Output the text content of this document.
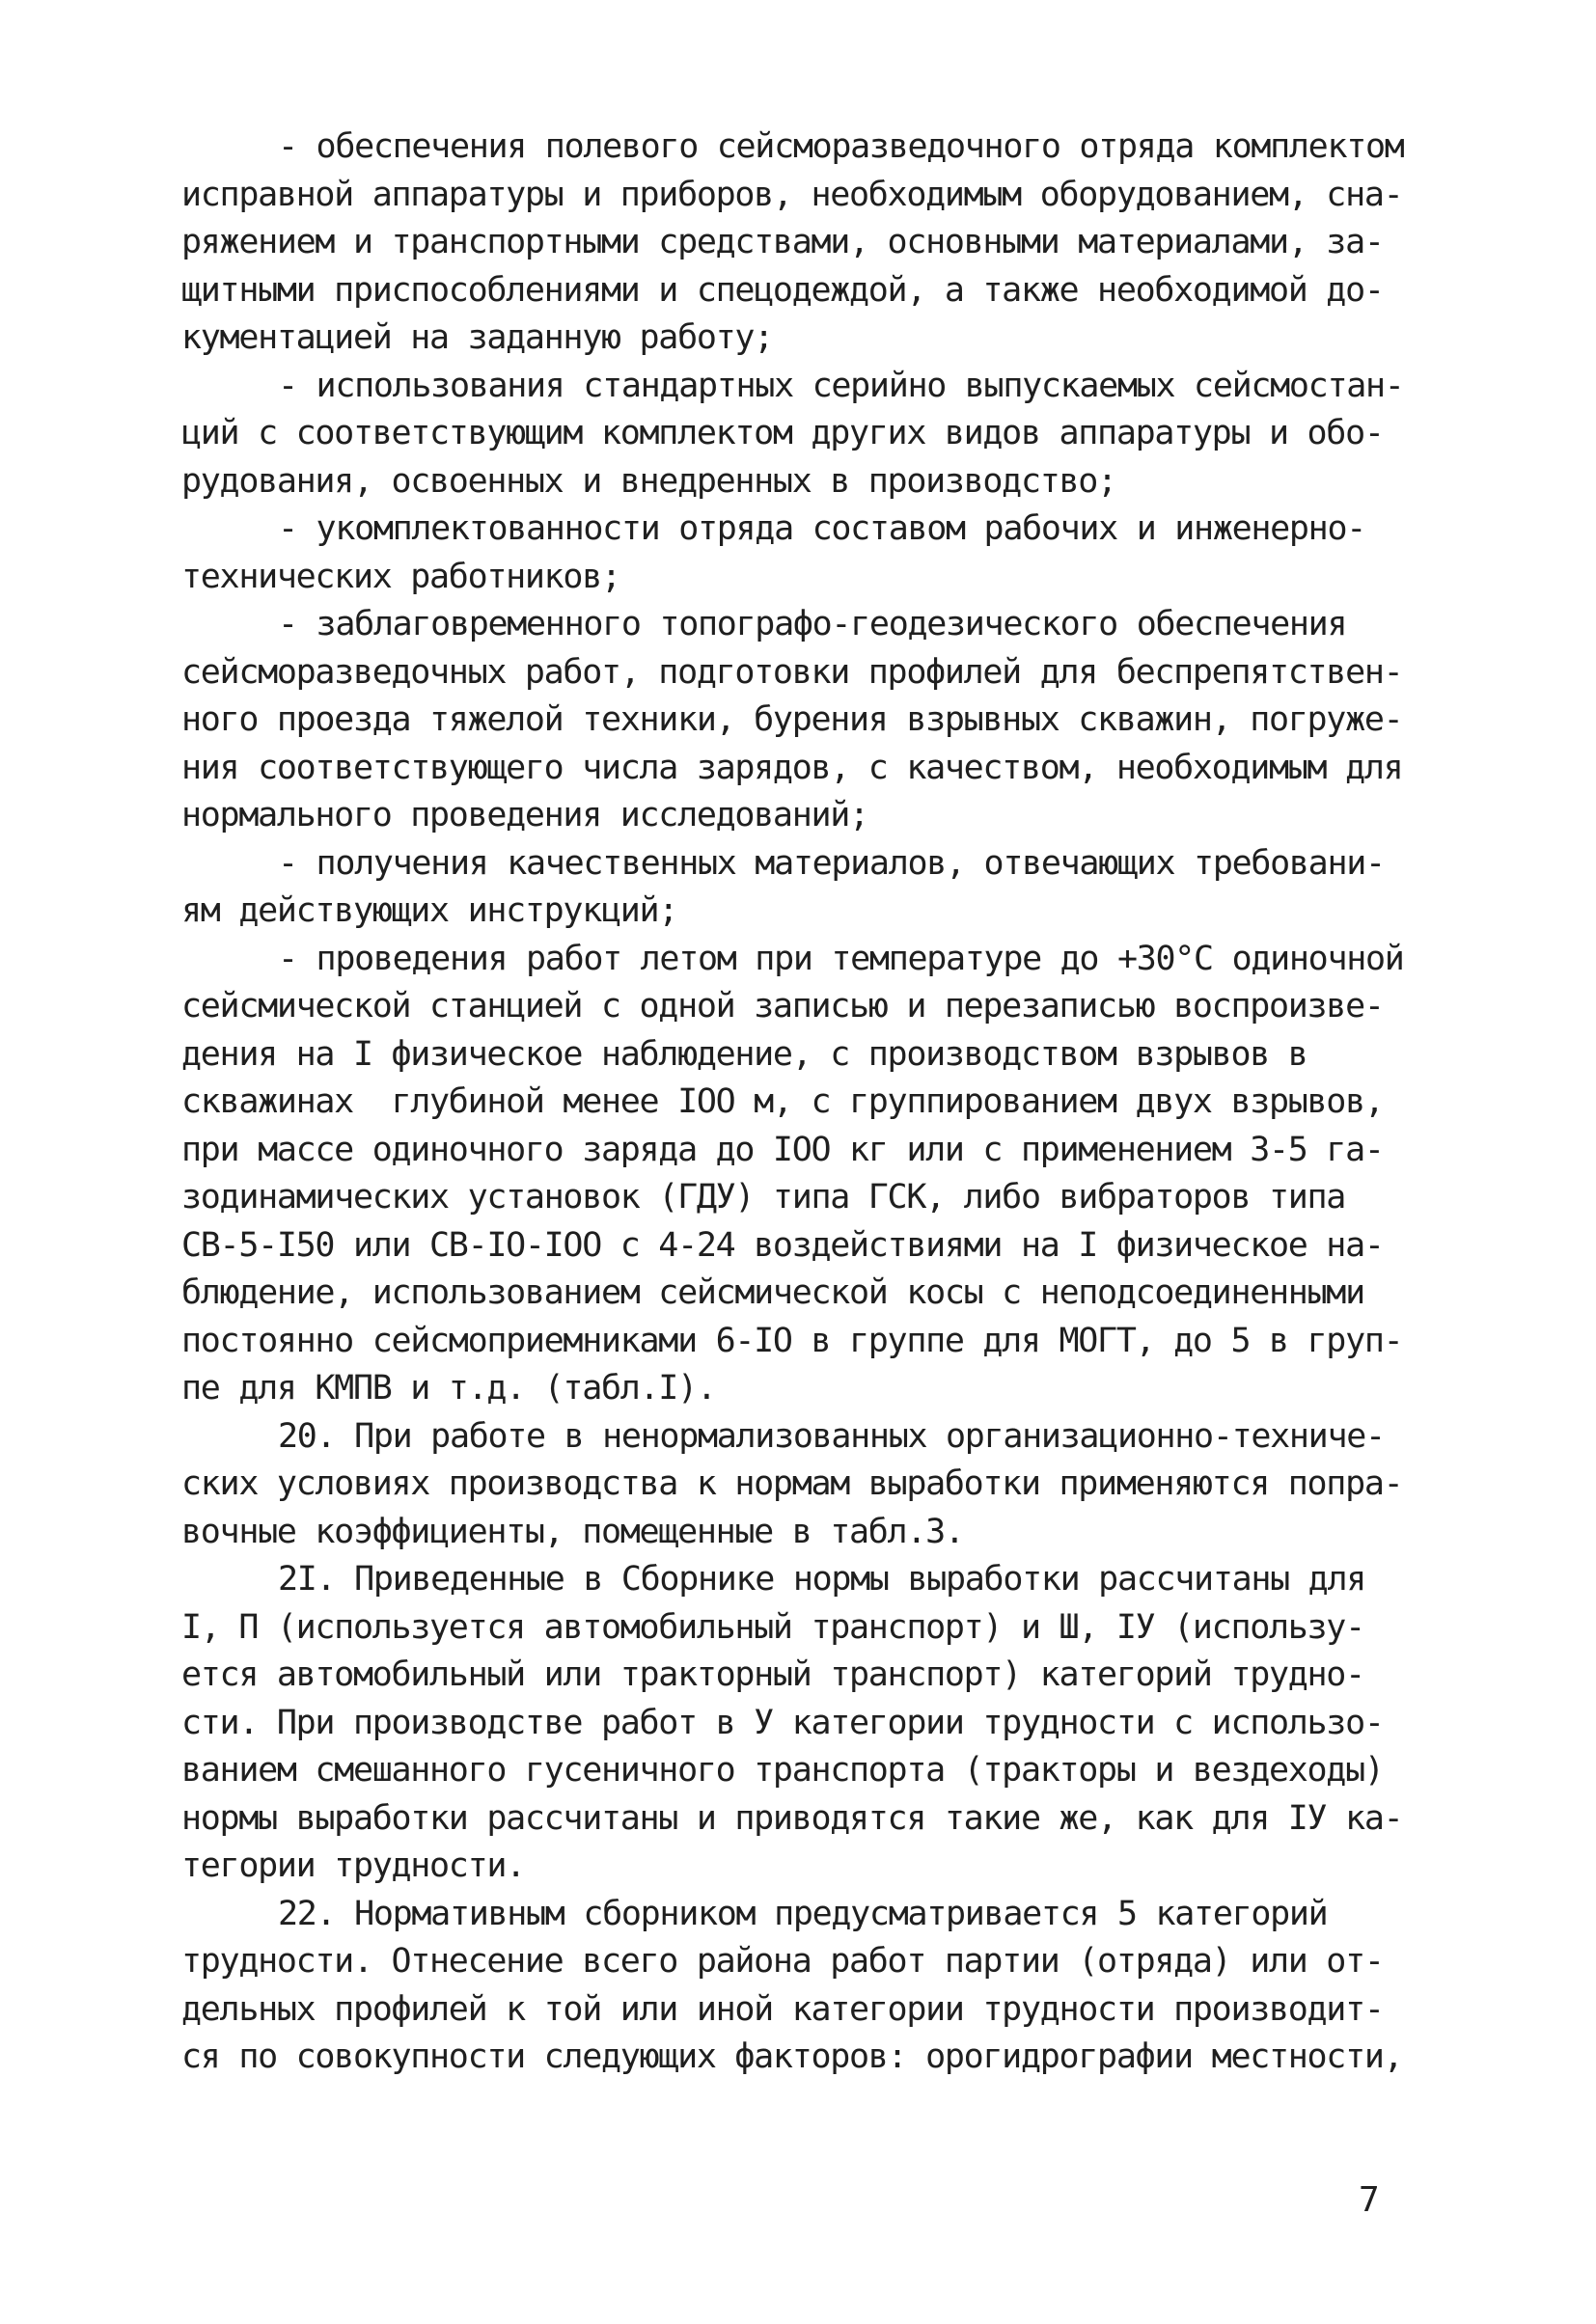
- обеспечения полевого сейсморазведочного отряда комплектом
исправной аппаратуры и приборов, необходимым оборудованием, сна-
ряжением и транспортными средствами, основными материалами, за-
щитными приспособлениями и спецодеждой, а также необходимой до-
кументацией на заданную работу;
- использования стандартных серийно выпускаемых сейсмостан-
ций с соответствующим комплектом других видов аппаратуры и обо-
рудования, освоенных и внедренных в производство;
- укомплектованности отряда составом рабочих и инженерно-
технических работников;
- заблаговременного топографо-геодезического обеспечения
сейсморазведочных работ, подготовки профилей для беспрепятствен-
ного проезда тяжелой техники, бурения взрывных скважин, погруже-
ния соответствующего числа зарядов, с качеством, необходимым для
нормального проведения исследований;
- получения качественных материалов, отвечающих требовани-
ям действующих инструкций;
- проведения работ летом при температуре до +30°С одиночной
сейсмической станцией с одной записью и перезаписью воспроизве-
дения на I физическое наблюдение, с производством взрывов в
скважинах  глубиной менее IOO м, с группированием двух взрывов,
при массе одиночного заряда до IOO кг или с применением 3-5 га-
зодинамических установок (ГДУ) типа ГСК, либо вибраторов типа
СВ-5-I50 или СВ-IO-IOO с 4-24 воздействиями на I физическое на-
блюдение, использованием сейсмической косы с неподсоединенными
постоянно сейсмоприемниками 6-IO в группе для МОГТ, до 5 в груп-
пе для КМПВ и т.д. (табл.I).
20. При работе в ненормализованных организационно-техниче-
ских условиях производства к нормам выработки применяются попра-
вочные коэффициенты, помещенные в табл.3.
2I. Приведенные в Сборнике нормы выработки рассчитаны для
I, П (используется автомобильный транспорт) и Ш, IУ (использу-
ется автомобильный или тракторный транспорт) категорий трудно-
сти. При производстве работ в У категории трудности с использо-
ванием смешанного гусеничного транспорта (тракторы и вездеходы)
нормы выработки рассчитаны и приводятся такие же, как для IУ ка-
тегории трудности.
22. Нормативным сборником предусматривается 5 категорий
трудности. Отнесение всего района работ партии (отряда) или от-
дельных профилей к той или иной категории трудности производит-
ся по совокупности следующих факторов: орогидрографии местности,
7
